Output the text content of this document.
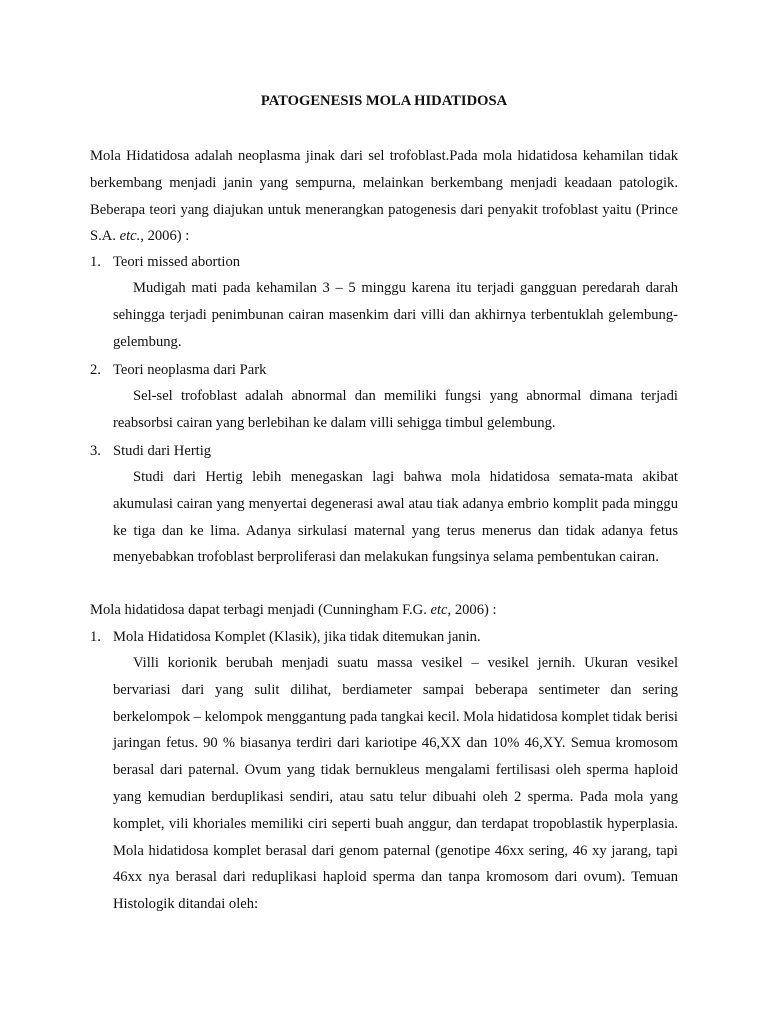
PATOGENESIS MOLA HIDATIDOSA

Mola Hidatidosa adalah neoplasma jinak dari sel trofoblast.Pada mola hidatidosa kehamilan tidak berkembang menjadi janin yang sempurna, melainkan berkembang menjadi keadaan patologik. Beberapa teori yang diajukan untuk menerangkan patogenesis dari penyakit trofoblast yaitu (Prince S.A. etc., 2006) :

1. Teori missed abortion

Mudigah mati pada kehamilan 3 – 5 minggu karena itu terjadi gangguan peredarah darah sehingga terjadi penimbunan cairan masenkim dari villi dan akhirnya terbentuklah gelembung-gelembung.

2. Teori neoplasma dari Park

Sel-sel trofoblast adalah abnormal dan memiliki fungsi yang abnormal dimana terjadi reabsorbsi cairan yang berlebihan ke dalam villi sehigga timbul gelembung.

3. Studi dari Hertig

Studi dari Hertig lebih menegaskan lagi bahwa mola hidatidosa semata-mata akibat akumulasi cairan yang menyertai degenerasi awal atau tiak adanya embrio komplit pada minggu ke tiga dan ke lima. Adanya sirkulasi maternal yang terus menerus dan tidak adanya fetus menyebabkan trofoblast berproliferasi dan melakukan fungsinya selama pembentukan cairan.

Mola hidatidosa dapat terbagi menjadi (Cunningham F.G. etc, 2006) :

1. Mola Hidatidosa Komplet (Klasik), jika tidak ditemukan janin.

Villi korionik berubah menjadi suatu massa vesikel – vesikel jernih. Ukuran vesikel bervariasi dari yang sulit dilihat, berdiameter sampai beberapa sentimeter dan sering berkelompok – kelompok menggantung pada tangkai kecil. Mola hidatidosa komplet tidak berisi jaringan fetus. 90 % biasanya terdiri dari kariotipe 46,XX dan 10% 46,XY. Semua kromosom berasal dari paternal. Ovum yang tidak bernukleus mengalami fertilisasi oleh sperma haploid yang kemudian berduplikasi sendiri, atau satu telur dibuahi oleh 2 sperma. Pada mola yang komplet, vili khoriales memiliki ciri seperti buah anggur, dan terdapat tropoblastik hyperplasia. Mola hidatidosa komplet berasal dari genom paternal (genotipe 46xx sering, 46 xy jarang, tapi 46xx nya berasal dari reduplikasi haploid sperma dan tanpa kromosom dari ovum). Temuan Histologik ditandai oleh:
